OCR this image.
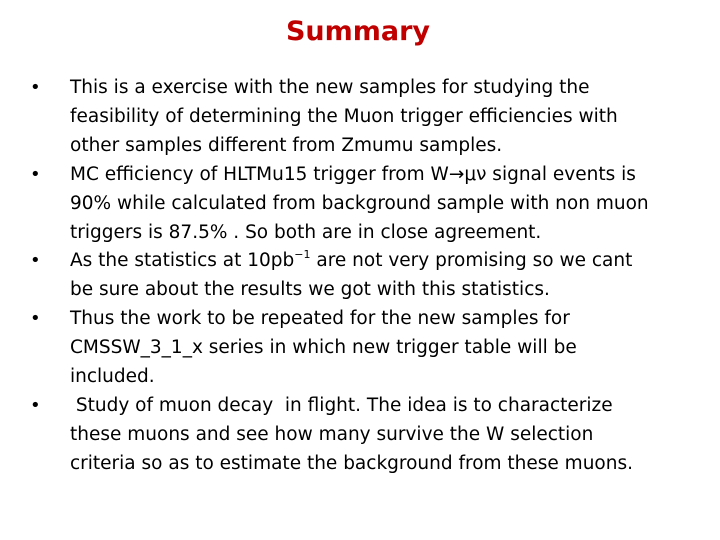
Summary
• This is a exercise with the new samples for studying the
feasibility of determining the Muon trigger efficiencies with
other samples different from Zmumu samples.
• MC efficiency of HLTMu15 trigger from W→μν signal events is
90% while calculated from background sample with non muon
triggers is 87.5% . So both are in close agreement.
• As the statistics at $10pb^{-1}$ are not very promising so we cant
be sure about the results we got with this statistics.
• Thus the work to be repeated for the new samples for
CMSSW_3_1_x series in which new trigger table will be
included.
• Study of muon decay  in flight. The idea is to characterize
these muons and see how many survive the W selection
criteria so as to estimate the background from these muons.
